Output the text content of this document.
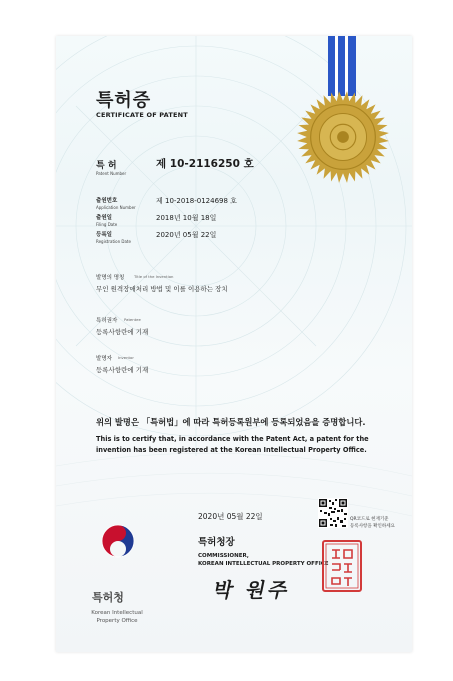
특허증
CERTIFICATE OF PATENT
특 허
Patent Number
제 10-2116250 호
출원번호
Application Number
제 10-2018-0124698 호
출원일
Filing Date
2018년 10월 18일
등록일
Registration Date
2020년 05월 22일
발명의 명칭	Title of the Invention
무인 원격장애처리 방법 및 이를 이용하는 장치
특허권자 Patentee
등록사항란에 기재
발명자 Inventor
등록사항란에 기재
위의 발명은 「특허법」에 따라 특허등록원부에 등록되었음을 증명합니다.
This is to certify that, in accordance with the Patent Act, a patent for the invention has been registered at the Korean Intellectual Property Office.
특허청
Korean Intellectual
Property Office
2020년 05월 22일
특허청장
COMMISSIONER,
KOREAN INTELLECTUAL PROPERTY OFFICE
박 원주
QR코드로 현재기준
등록사항을 확인하세요
